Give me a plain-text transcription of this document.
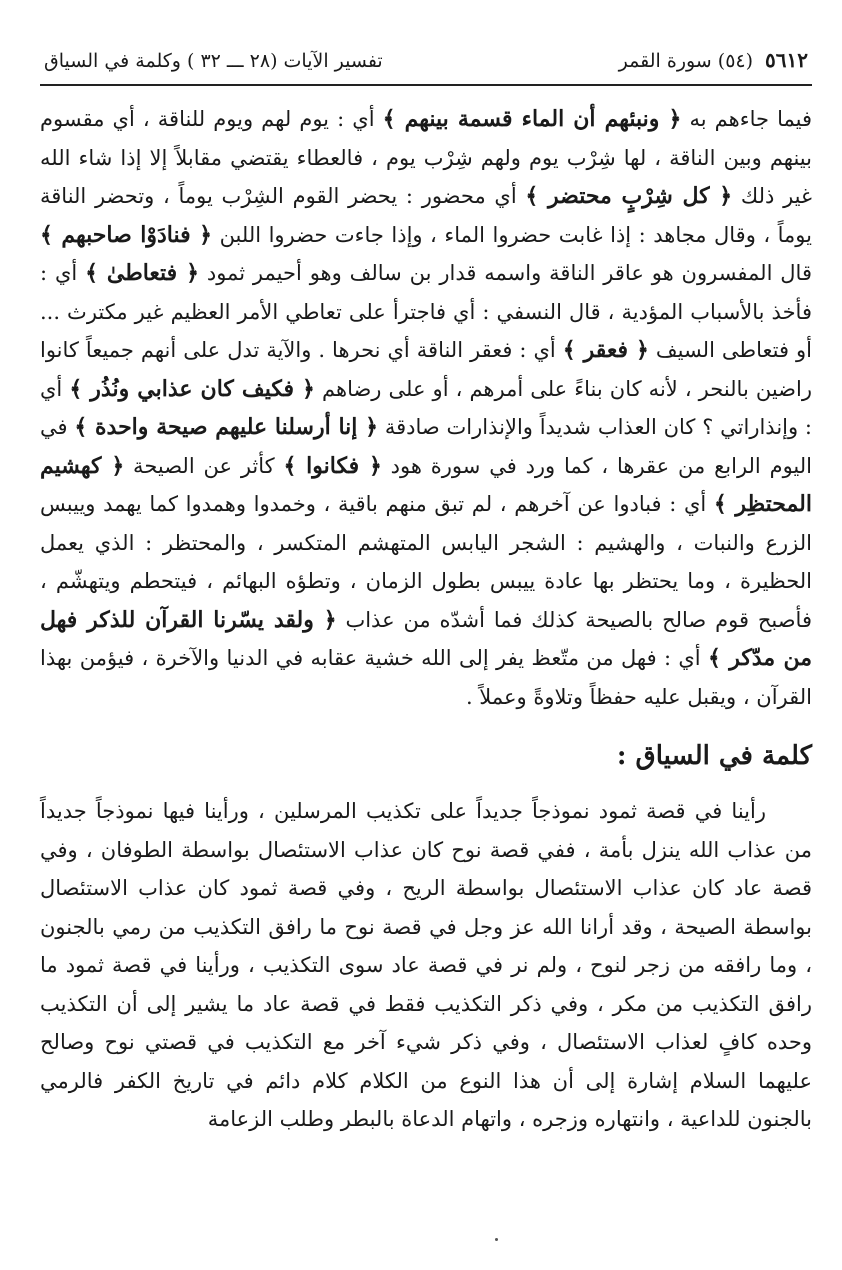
٥٦١٢
(٥٤) سورة القمر
تفسير الآيات (٢٨ ـــ ٣٢ ) وكلمة في السياق

فيما جاءهم به ﴿ ونبئهم أن الماء قسمة بينهم ﴾ أي : يوم لهم ويوم للناقة ، أي مقسوم بينهم وبين الناقة ، لها شِرْب يوم ولهم شِرْب يوم ، فالعطاء يقتضي مقابلاً إلا إذا شاء الله غير ذلك ﴿ كل شِرْبٍ محتضر ﴾ أي محضور : يحضر القوم الشِرْب يوماً ، وتحضر الناقة يوماً ، وقال مجاهد : إذا غابت حضروا الماء ، وإذا جاءت حضروا اللبن ﴿ فنادَوْا صاحبهم ﴾ قال المفسرون هو عاقر الناقة واسمه قدار بن سالف وهو أحيمر ثمود ﴿ فتعاطىٰ ﴾ أي : فأخذ بالأسباب المؤدية ، قال النسفي : أي فاجترأ على تعاطي الأمر العظيم غير مكترث ... أو فتعاطى السيف ﴿ فعقر ﴾ أي : فعقر الناقة أي نحرها . والآية تدل على أنهم جميعاً كانوا راضين بالنحر ، لأنه كان بناءً على أمرهم ، أو على رضاهم ﴿ فكيف كان عذابي ونُذُر ﴾ أي : وإنذاراتي ؟ كان العذاب شديداً والإنذارات صادقة ﴿ إنا أرسلنا عليهم صيحة واحدة ﴾ في اليوم الرابع من عقرها ، كما ورد في سورة هود ﴿ فكانوا ﴾ كأثر عن الصيحة ﴿ كهشيم المحتظِر ﴾ أي : فبادوا عن آخرهم ، لم تبق منهم باقية ، وخمدوا وهمدوا كما يهمد وييبس الزرع والنبات ، والهشيم : الشجر اليابس المتهشم المتكسر ، والمحتظر : الذي يعمل الحظيرة ، وما يحتظر بها عادة ييبس بطول الزمان ، وتطؤه البهائم ، فيتحطم ويتهشّم ، فأصبح قوم صالح بالصيحة كذلك فما أشدّه من عذاب ﴿ ولقد يسّرنا القرآن للذكر فهل من مدّكر ﴾ أي : فهل من متّعظ يفر إلى الله خشية عقابه في الدنيا والآخرة ، فيؤمن بهذا القرآن ، ويقبل عليه حفظاً وتلاوةً وعملاً .

كلمة في السياق :

رأينا في قصة ثمود نموذجاً جديداً على تكذيب المرسلين ، ورأينا فيها نموذجاً جديداً من عذاب الله ينزل بأمة ، ففي قصة نوح كان عذاب الاستئصال بواسطة الطوفان ، وفي قصة عاد كان عذاب الاستئصال بواسطة الريح ، وفي قصة ثمود كان عذاب الاستئصال بواسطة الصيحة ، وقد أرانا الله عز وجل في قصة نوح ما رافق التكذيب من رمي بالجنون ، وما رافقه من زجر لنوح ، ولم نر في قصة عاد سوى التكذيب ، ورأينا في قصة ثمود ما رافق التكذيب من مكر ، وفي ذكر التكذيب فقط في قصة عاد ما يشير إلى أن التكذيب وحده كافٍ لعذاب الاستئصال ، وفي ذكر شيء آخر مع التكذيب في قصتي نوح وصالح عليهما السلام إشارة إلى أن هذا النوع من الكلام كلام دائم في تاريخ الكفر فالرمي بالجنون للداعية ، وانتهاره وزجره ، واتهام الدعاة بالبطر وطلب الزعامة
